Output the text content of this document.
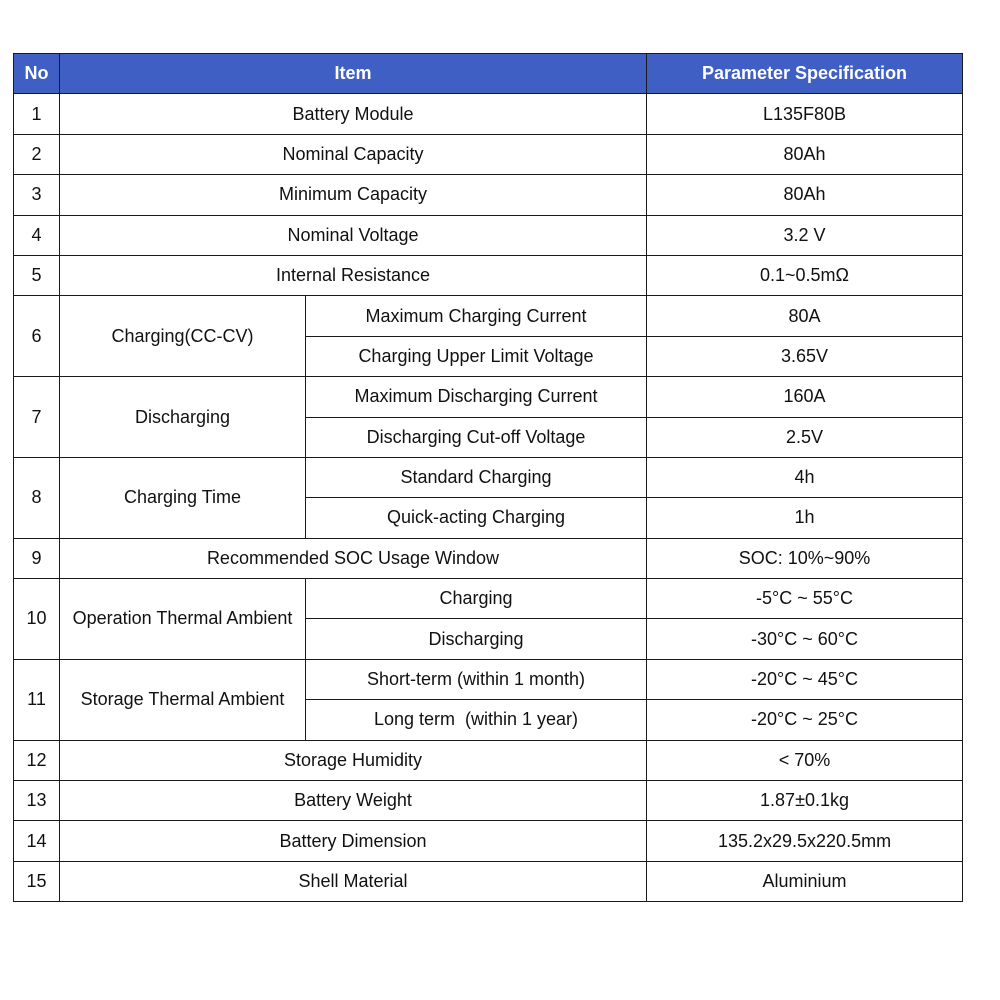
No	Item		Parameter Specification
1	Battery Module		L135F80B
2	Nominal Capacity		80Ah
3	Minimum Capacity		80Ah
4	Nominal Voltage		3.2 V
5	Internal Resistance		0.1~0.5mΩ
6	Charging(CC-CV)	Maximum Charging Current	80A
		Charging Upper Limit Voltage	3.65V
7	Discharging	Maximum Discharging Current	160A
		Discharging Cut-off Voltage	2.5V
8	Charging Time	Standard Charging	4h
		Quick-acting Charging	1h
9	Recommended SOC Usage Window		SOC: 10%~90%
10	Operation Thermal Ambient	Charging	-5°C ~ 55°C
		Discharging	-30°C ~ 60°C
11	Storage Thermal Ambient	Short-term (within 1 month)	-20°C ~ 45°C
		Long term  (within 1 year)	-20°C ~ 25°C
12	Storage Humidity		< 70%
13	Battery Weight		1.87±0.1kg
14	Battery Dimension		135.2x29.5x220.5mm
15	Shell Material		Aluminium
